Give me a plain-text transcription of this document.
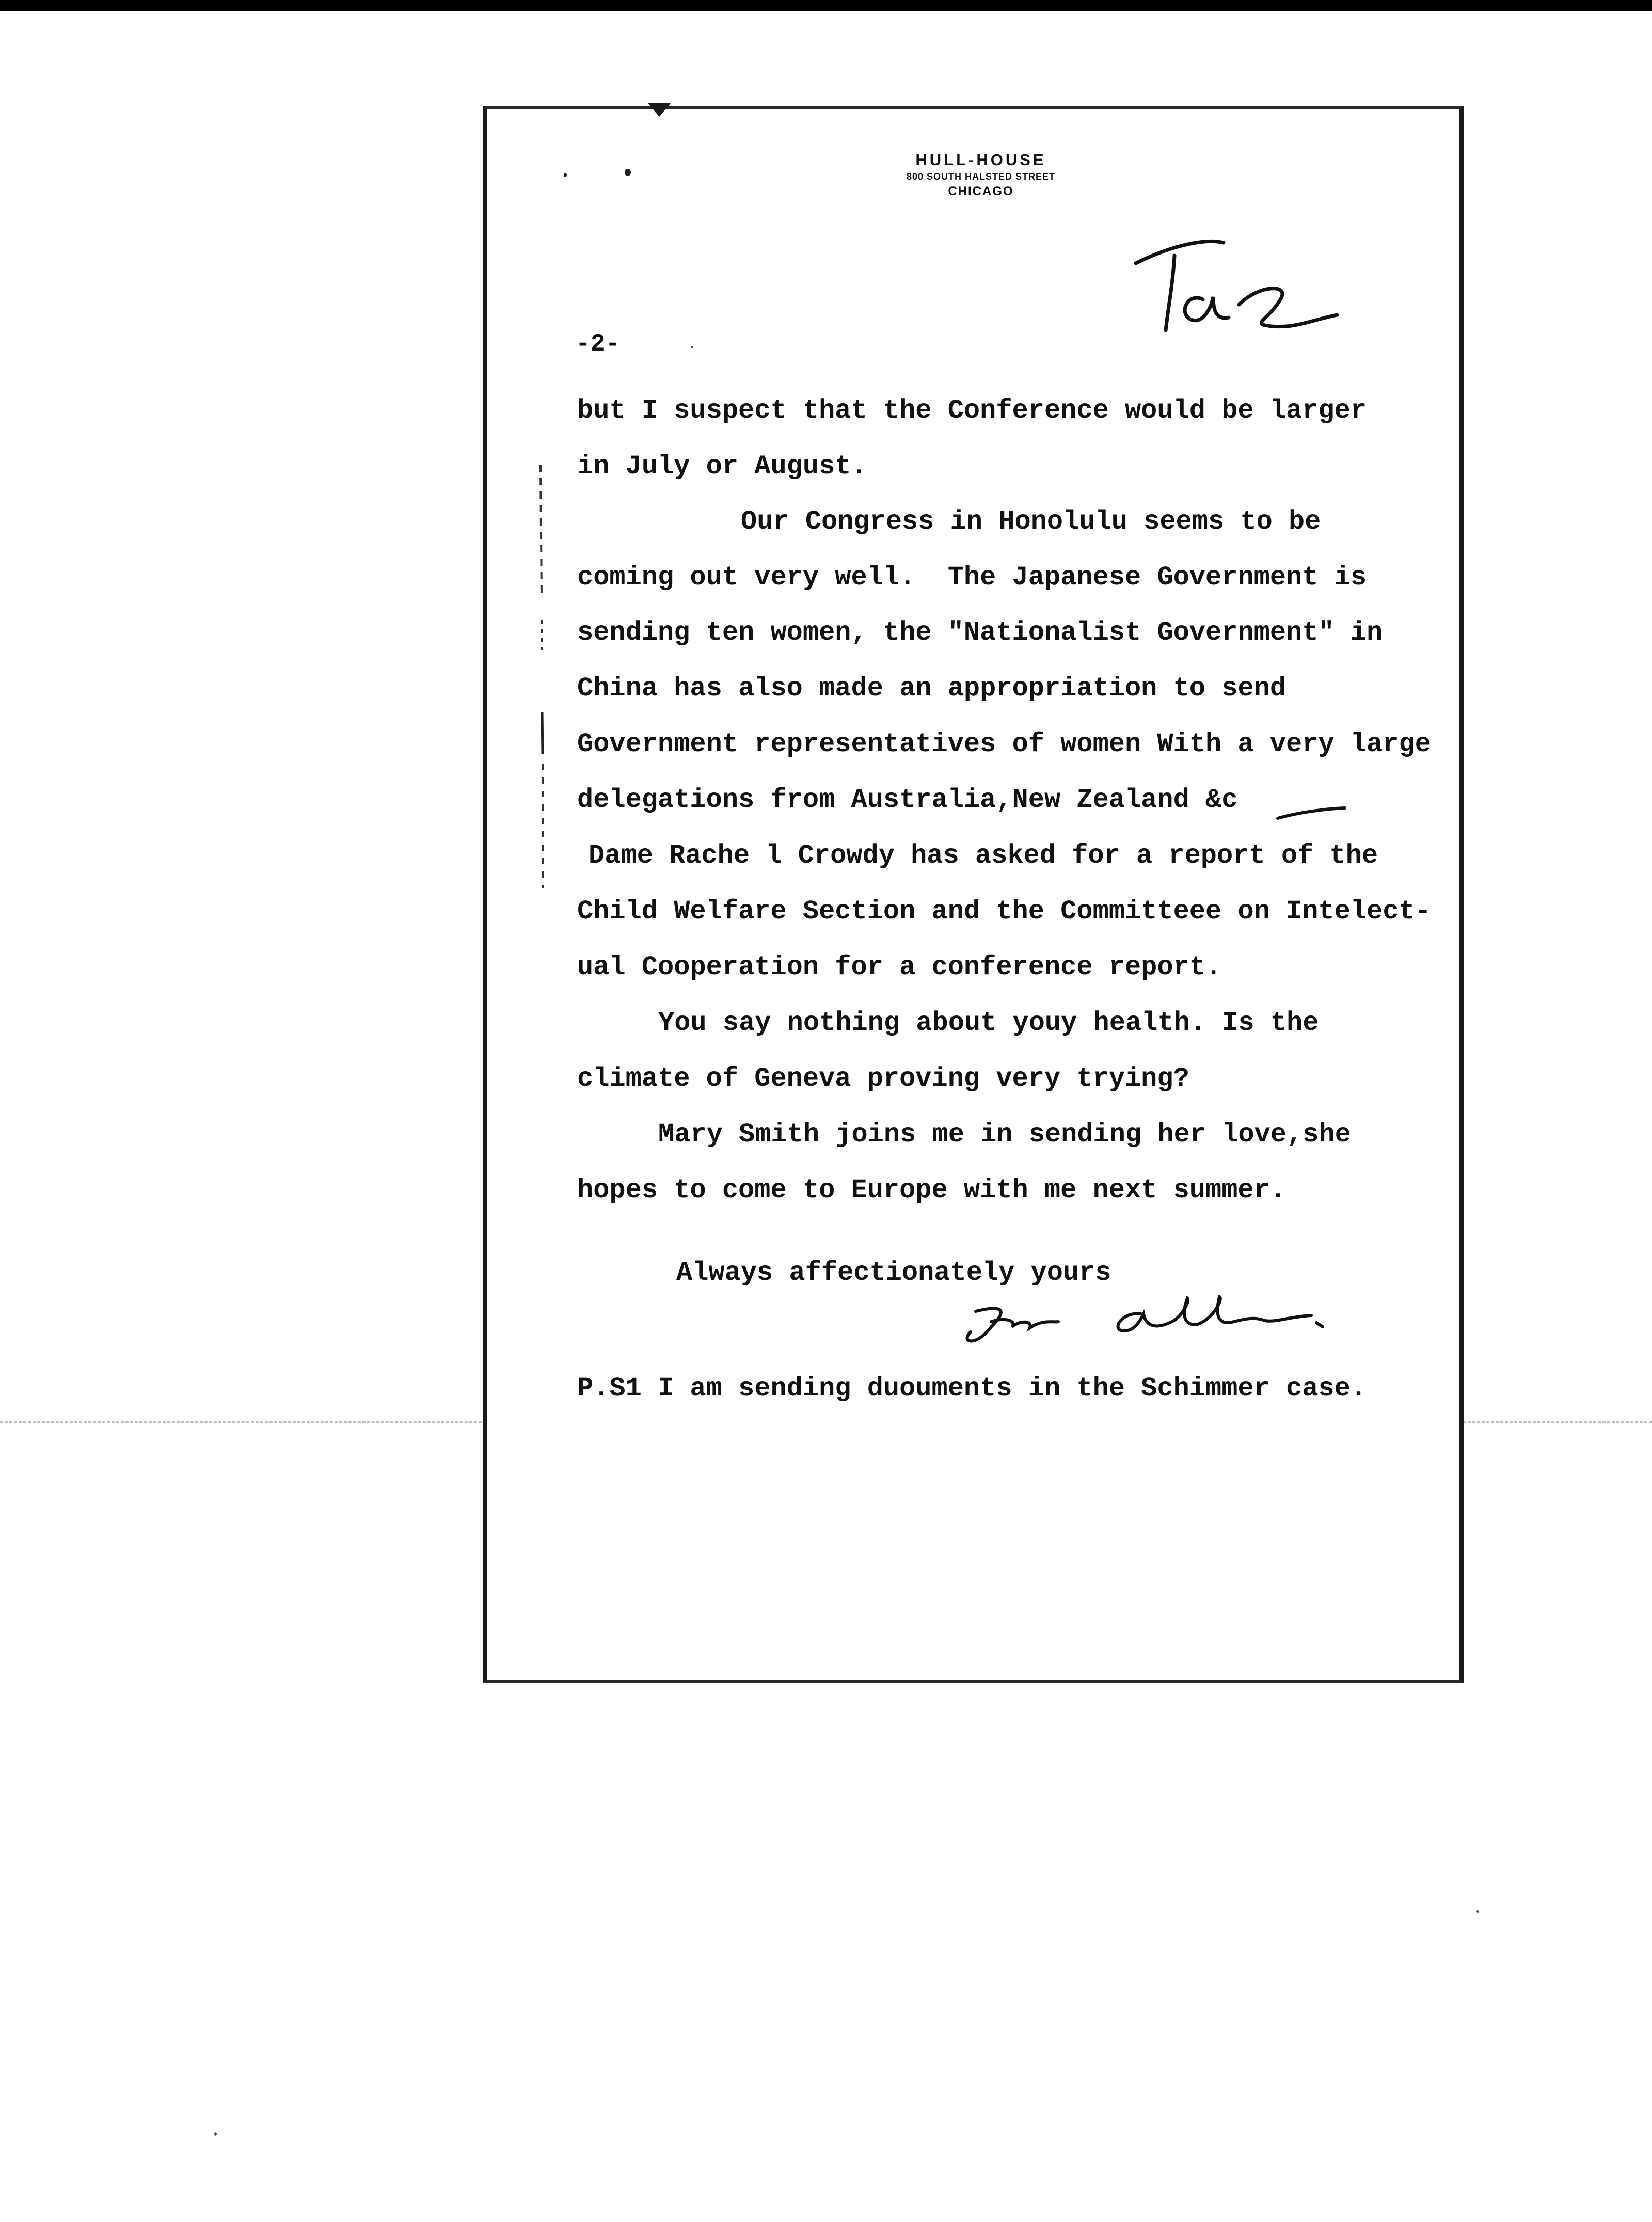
HULL-HOUSE
800 SOUTH HALSTED STREET
CHICAGO
-2-
but I suspect that the Conference would be larger
in July or August.
Our Congress in Honolulu seems to be
coming out very well.  The Japanese Government is
sending ten women, the "Nationalist Government" in
China has also made an appropriation to send
Government representatives of women With a very large
delegations from Australia,New Zealand &c
Dame Rache l Crowdy has asked for a report of the
Child Welfare Section and the Committeee on Intelect-
ual Cooperation for a conference report.
You say nothing about youy health. Is the
climate of Geneva proving very trying?
Mary Smith joins me in sending her love,she
hopes to come to Europe with me next summer.
Always affectionately yours
P.S1 I am sending duouments in the Schimmer case.
